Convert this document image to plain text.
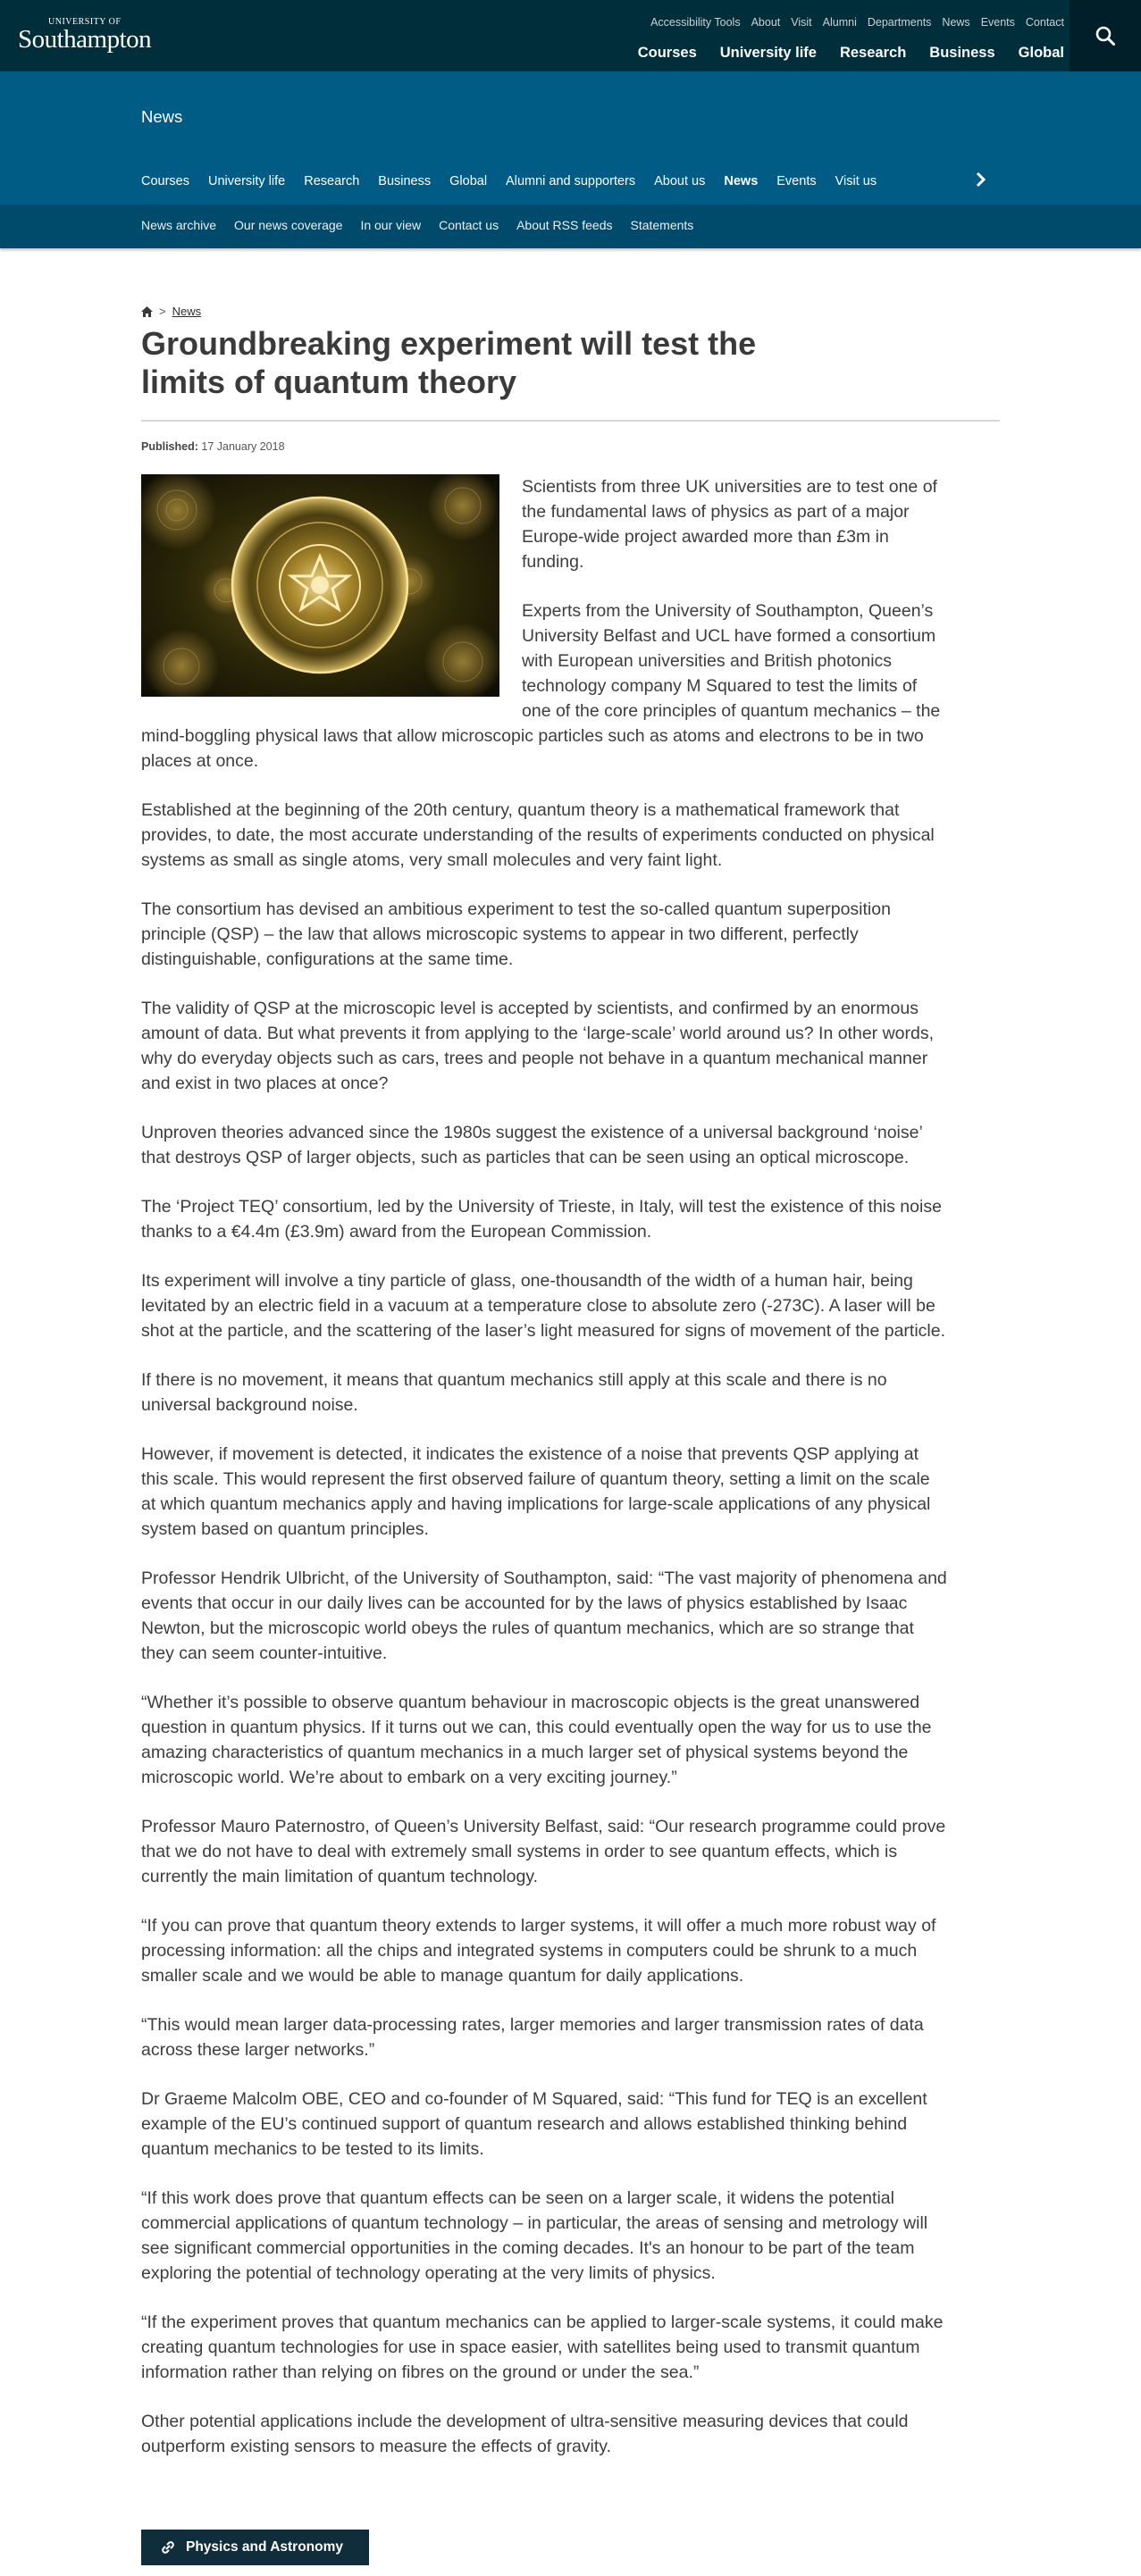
UNIVERSITY OF
Southampton
Accessibility Tools About Visit Alumni Departments News Events Contact
Courses University life Research Business Global
News
Courses University life Research Business Global Alumni and supporters About us News Events Visit us
News archive Our news coverage In our view Contact us About RSS feeds Statements
> News
Groundbreaking experiment will test the limits of quantum theory
Published: 17 January 2018

Scientists from three UK universities are to test one of the fundamental laws of physics as part of a major Europe-wide project awarded more than £3m in funding.

Experts from the University of Southampton, Queen’s University Belfast and UCL have formed a consortium with European universities and British photonics technology company M Squared to test the limits of one of the core principles of quantum mechanics – the mind-boggling physical laws that allow microscopic particles such as atoms and electrons to be in two places at once.

Established at the beginning of the 20th century, quantum theory is a mathematical framework that provides, to date, the most accurate understanding of the results of experiments conducted on physical systems as small as single atoms, very small molecules and very faint light.

The consortium has devised an ambitious experiment to test the so-called quantum superposition principle (QSP) – the law that allows microscopic systems to appear in two different, perfectly distinguishable, configurations at the same time.

The validity of QSP at the microscopic level is accepted by scientists, and confirmed by an enormous amount of data. But what prevents it from applying to the ‘large-scale’ world around us? In other words, why do everyday objects such as cars, trees and people not behave in a quantum mechanical manner and exist in two places at once?

Unproven theories advanced since the 1980s suggest the existence of a universal background ‘noise’ that destroys QSP of larger objects, such as particles that can be seen using an optical microscope.

The ‘Project TEQ’ consortium, led by the University of Trieste, in Italy, will test the existence of this noise thanks to a €4.4m (£3.9m) award from the European Commission.

Its experiment will involve a tiny particle of glass, one-thousandth of the width of a human hair, being levitated by an electric field in a vacuum at a temperature close to absolute zero (-273C). A laser will be shot at the particle, and the scattering of the laser’s light measured for signs of movement of the particle.

If there is no movement, it means that quantum mechanics still apply at this scale and there is no universal background noise.

However, if movement is detected, it indicates the existence of a noise that prevents QSP applying at this scale. This would represent the first observed failure of quantum theory, setting a limit on the scale at which quantum mechanics apply and having implications for large-scale applications of any physical system based on quantum principles.

Professor Hendrik Ulbricht, of the University of Southampton, said: “The vast majority of phenomena and events that occur in our daily lives can be accounted for by the laws of physics established by Isaac Newton, but the microscopic world obeys the rules of quantum mechanics, which are so strange that they can seem counter-intuitive.

“Whether it’s possible to observe quantum behaviour in macroscopic objects is the great unanswered question in quantum physics. If it turns out we can, this could eventually open the way for us to use the amazing characteristics of quantum mechanics in a much larger set of physical systems beyond the microscopic world. We’re about to embark on a very exciting journey.”

Professor Mauro Paternostro, of Queen’s University Belfast, said: “Our research programme could prove that we do not have to deal with extremely small systems in order to see quantum effects, which is currently the main limitation of quantum technology.

“If you can prove that quantum theory extends to larger systems, it will offer a much more robust way of processing information: all the chips and integrated systems in computers could be shrunk to a much smaller scale and we would be able to manage quantum for daily applications.

“This would mean larger data-processing rates, larger memories and larger transmission rates of data across these larger networks.”

Dr Graeme Malcolm OBE, CEO and co-founder of M Squared, said: “This fund for TEQ is an excellent example of the EU’s continued support of quantum research and allows established thinking behind quantum mechanics to be tested to its limits.

“If this work does prove that quantum effects can be seen on a larger scale, it widens the potential commercial applications of quantum technology – in particular, the areas of sensing and metrology will see significant commercial opportunities in the coming decades. It's an honour to be part of the team exploring the potential of technology operating at the very limits of physics.

“If the experiment proves that quantum mechanics can be applied to larger-scale systems, it could make creating quantum technologies for use in space easier, with satellites being used to transmit quantum information rather than relying on fibres on the ground or under the sea.”

Other potential applications include the development of ultra-sensitive measuring devices that could outperform existing sensors to measure the effects of gravity.

Physics and Astronomy
